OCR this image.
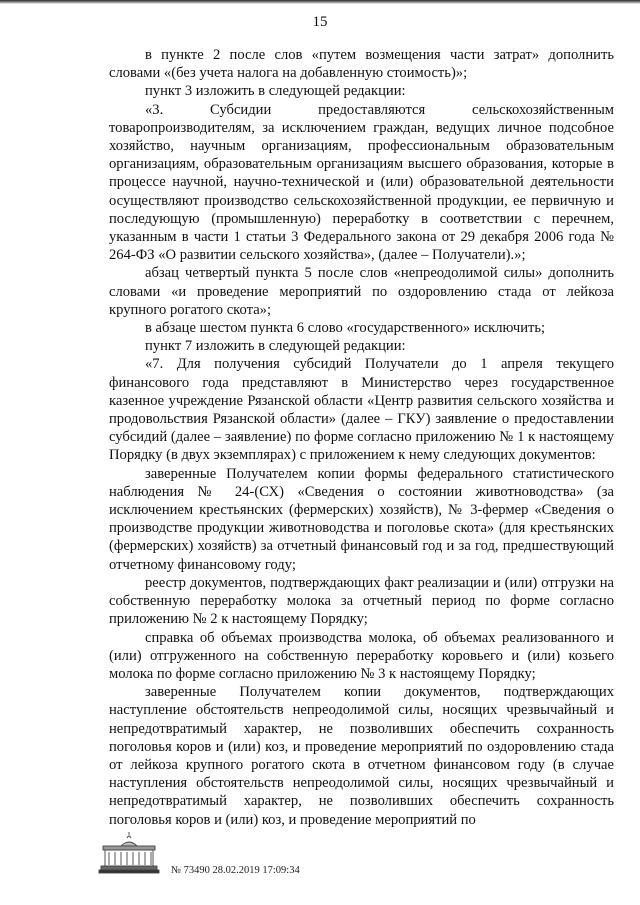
15

в пункте 2 после слов «путем возмещения части затрат» дополнить словами «(без учета налога на добавленную стоимость)»;

пункт 3 изложить в следующей редакции:

«3. Субсидии предоставляются сельскохозяйственным товаропроизводителям, за исключением граждан, ведущих личное подсобное хозяйство, научным организациям, профессиональным образовательным организациям, образовательным организациям высшего образования, которые в процессе научной, научно-технической и (или) образовательной деятельности осуществляют производство сельскохозяйственной продукции, ее первичную и последующую (промышленную) переработку в соответствии с перечнем, указанным в части 1 статьи 3 Федерального закона от 29 декабря 2006 года № 264-ФЗ «О развитии сельского хозяйства», (далее – Получатели).»;

абзац четвертый пункта 5 после слов «непреодолимой силы» дополнить словами «и проведение мероприятий по оздоровлению стада от лейкоза крупного рогатого скота»;

в абзаце шестом пункта 6 слово «государственного» исключить;

пункт 7 изложить в следующей редакции:

«7. Для получения субсидий Получатели до 1 апреля текущего финансового года представляют в Министерство через государственное казенное учреждение Рязанской области «Центр развития сельского хозяйства и продовольствия Рязанской области» (далее – ГКУ) заявление о предоставлении субсидий (далее – заявление) по форме согласно приложению № 1 к настоящему Порядку (в двух экземплярах) с приложением к нему следующих документов:

заверенные Получателем копии формы федерального статистического наблюдения № 24-(СХ) «Сведения о состоянии животноводства» (за исключением крестьянских (фермерских) хозяйств), № 3-фермер «Сведения о производстве продукции животноводства и поголовье скота» (для крестьянских (фермерских) хозяйств) за отчетный финансовый год и за год, предшествующий отчетному финансовому году;

реестр документов, подтверждающих факт реализации и (или) отгрузки на собственную переработку молока за отчетный период по форме согласно приложению № 2 к настоящему Порядку;

справка об объемах производства молока, об объемах реализованного и (или) отгруженного на собственную переработку коровьего и (или) козьего молока по форме согласно приложению № 3 к настоящему Порядку;

заверенные Получателем копии документов, подтверждающих наступление обстоятельств непреодолимой силы, носящих чрезвычайный и непредотвратимый характер, не позволивших обеспечить сохранность поголовья коров и (или) коз, и проведение мероприятий по оздоровлению стада от лейкоза крупного рогатого скота в отчетном финансовом году (в случае наступления обстоятельств непреодолимой силы, носящих чрезвычайный и непредотвратимый характер, не позволивших обеспечить сохранность поголовья коров и (или) коз, и проведение мероприятий по

№ 73490 28.02.2019 17:09:34
